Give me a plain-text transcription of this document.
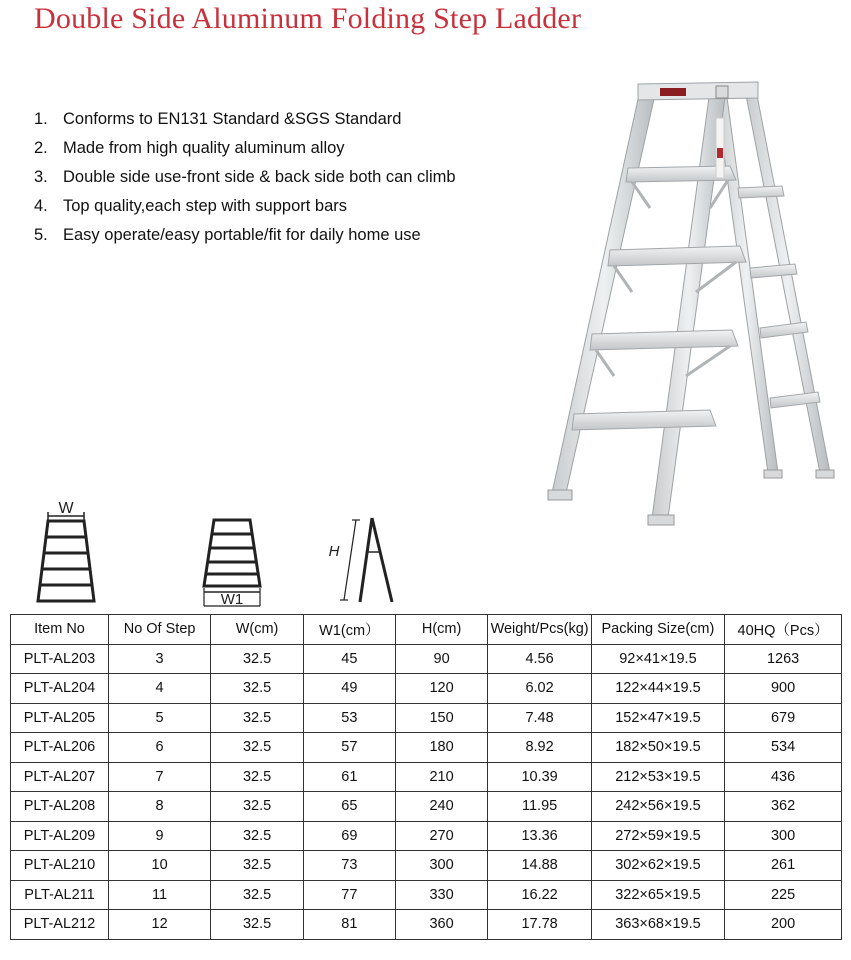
Double Side Aluminum Folding Step Ladder
1. Conforms to EN131 Standard &SGS Standard
2. Made from high quality aluminum alloy
3. Double side use-front side & back side both can climb
4. Top quality,each step with support bars
5. Easy operate/easy portable/fit for daily home use
W
W1
H
Item No	No Of Step	W(cm)	W1(cm）	H(cm)	Weight/Pcs(kg)	Packing Size(cm)	40HQ（Pcs）
PLT-AL203	3	32.5	45	90	4.56	92×41×19.5	1263
PLT-AL204	4	32.5	49	120	6.02	122×44×19.5	900
PLT-AL205	5	32.5	53	150	7.48	152×47×19.5	679
PLT-AL206	6	32.5	57	180	8.92	182×50×19.5	534
PLT-AL207	7	32.5	61	210	10.39	212×53×19.5	436
PLT-AL208	8	32.5	65	240	11.95	242×56×19.5	362
PLT-AL209	9	32.5	69	270	13.36	272×59×19.5	300
PLT-AL210	10	32.5	73	300	14.88	302×62×19.5	261
PLT-AL211	11	32.5	77	330	16.22	322×65×19.5	225
PLT-AL212	12	32.5	81	360	17.78	363×68×19.5	200
